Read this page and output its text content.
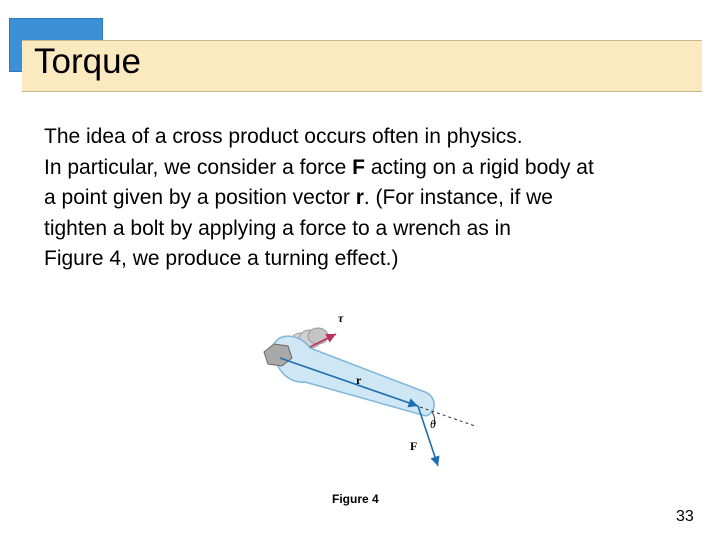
Torque
The idea of a cross product occurs often in physics.
In particular, we consider a force F acting on a rigid body at
a point given by a position vector r. (For instance, if we
tighten a bolt by applying a force to a wrench as in
Figure 4, we produce a turning effect.)
τ
r
θ
F
Figure 4
33
